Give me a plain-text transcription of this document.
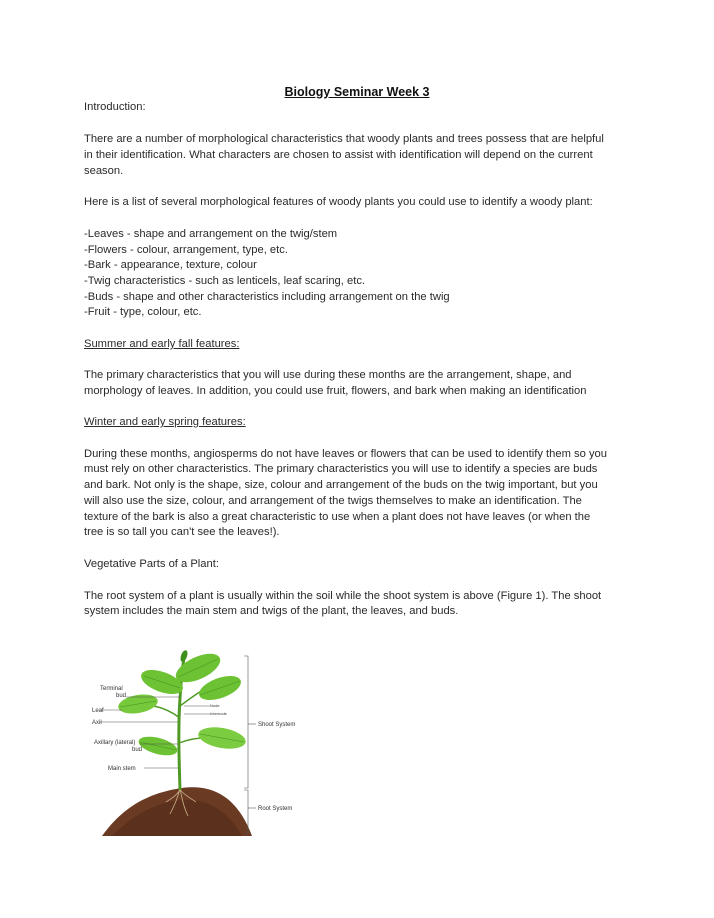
Biology Seminar Week 3
Introduction:
There are a number of morphological characteristics that woody plants and trees possess that are helpful
in their identification. What characters are chosen to assist with identification will depend on the current
season.
Here is a list of several morphological features of woody plants you could use to identify a woody plant:
-Leaves - shape and arrangement on the twig/stem
-Flowers - colour, arrangement, type, etc.
-Bark - appearance, texture, colour
-Twig characteristics - such as lenticels, leaf scaring, etc.
-Buds - shape and other characteristics including arrangement on the twig
-Fruit - type, colour, etc.
Summer and early fall features:
The primary characteristics that you will use during these months are the arrangement, shape, and
morphology of leaves. In addition, you could use fruit, flowers, and bark when making an identification
Winter and early spring features:
During these months, angiosperms do not have leaves or flowers that can be used to identify them so you
must rely on other characteristics. The primary characteristics you will use to identify a species are buds
and bark. Not only is the shape, size, colour and arrangement of the buds on the twig important, but you
will also use the size, colour, and arrangement of the twigs themselves to make an identification. The
texture of the bark is also a great characteristic to use when a plant does not have leaves (or when the
tree is so tall you can't see the leaves!).
Vegetative Parts of a Plant:
The root system of a plant is usually within the soil while the shoot system is above (Figure 1). The shoot
system includes the main stem and twigs of the plant, the leaves, and buds.
Terminal
bud
Leaf
Axil
Axillary (lateral)
bud
Main stem
Node
Internode
Shoot System
Root System
